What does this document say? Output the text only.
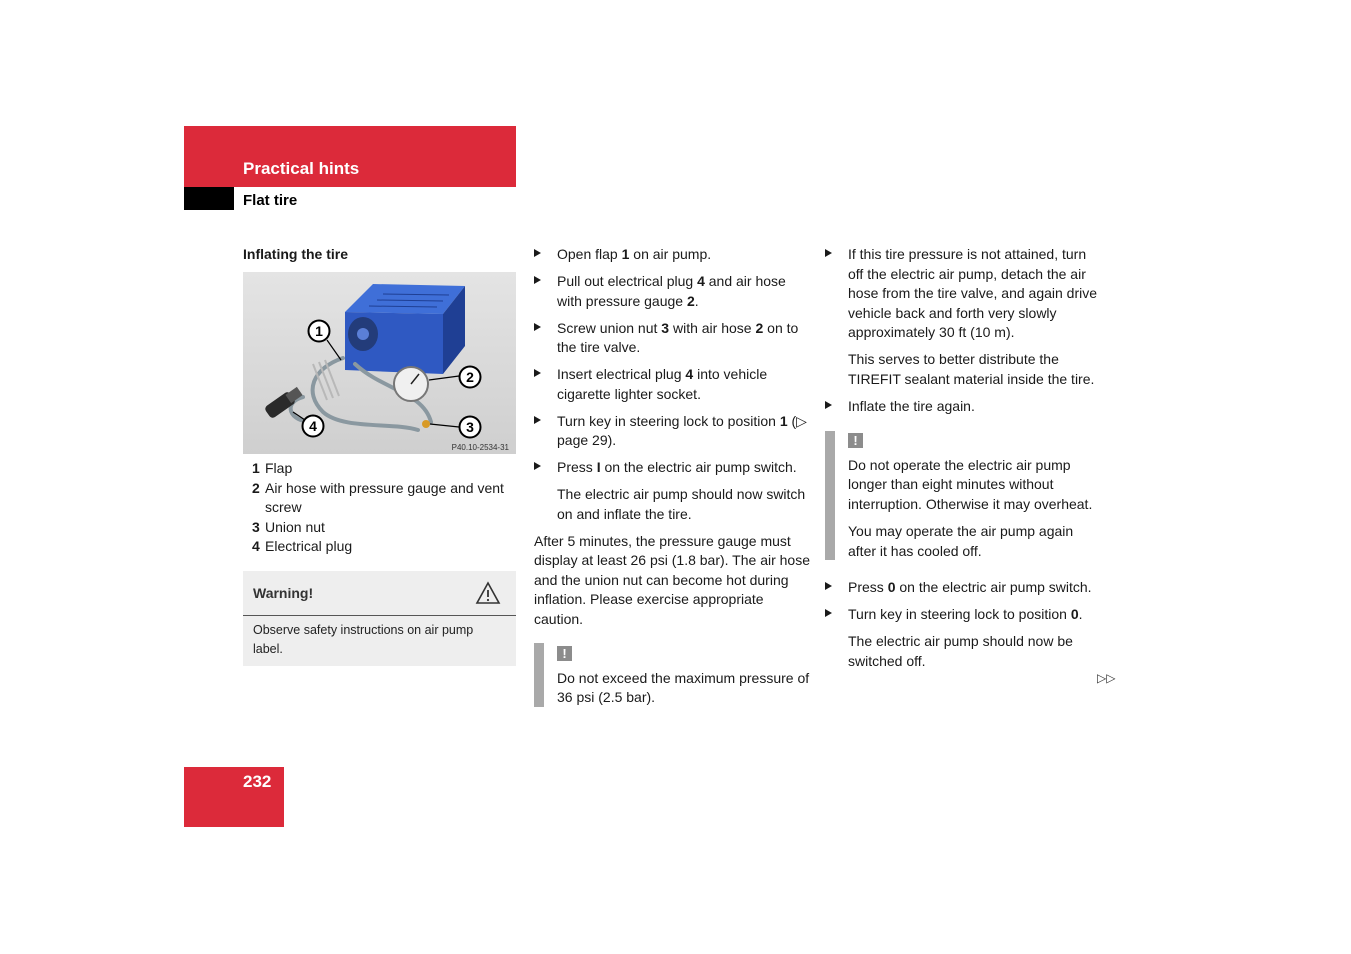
Practical hints
Flat tire
Inflating the tire
1
2
3
4
P40.10-2534-31
1 Flap
2 Air hose with pressure gauge and vent screw
3 Union nut
4 Electrical plug
Warning!
Observe safety instructions on air pump label.
Open flap 1 on air pump.
Pull out electrical plug 4 and air hose with pressure gauge 2.
Screw union nut 3 with air hose 2 on to the tire valve.
Insert electrical plug 4 into vehicle cigarette lighter socket.
Turn key in steering lock to position 1 (▷ page 29).
Press I on the electric air pump switch.

The electric air pump should now switch on and inflate the tire.

After 5 minutes, the pressure gauge must display at least 26 psi (1.8 bar). The air hose and the union nut can become hot during inflation. Please exercise appropriate caution.

!

Do not exceed the maximum pressure of 36 psi (2.5 bar).

If this tire pressure is not attained, turn off the electric air pump, detach the air hose from the tire valve, and again drive vehicle back and forth very slowly approximately 30 ft (10 m).

This serves to better distribute the TIREFIT sealant material inside the tire.

Inflate the tire again.
!

Do not operate the electric air pump longer than eight minutes without interruption. Otherwise it may overheat.

You may operate the air pump again after it has cooled off.

Press 0 on the electric air pump switch.
Turn key in steering lock to position 0.

The electric air pump should now be switched off.

▷▷
232
